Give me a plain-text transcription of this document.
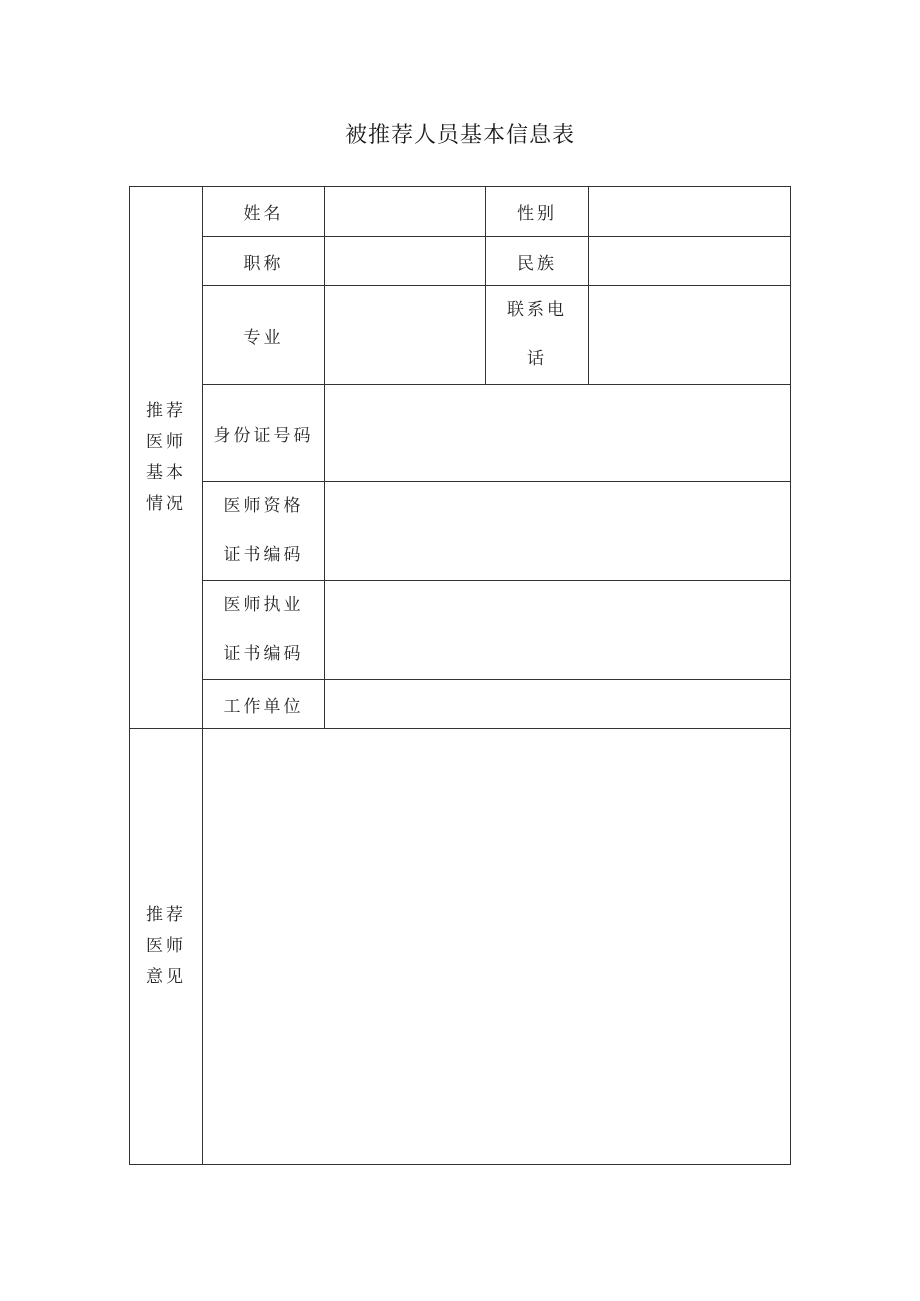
被推荐人员基本信息表
推荐
医师
基本
情况	姓名		性别	
	职称		民族	
	专业		联系电
话	

	身份证号码			

	医师资格
证书编码			

	医师执业
证书编码			

	工作单位			

推荐
医师
意见				
